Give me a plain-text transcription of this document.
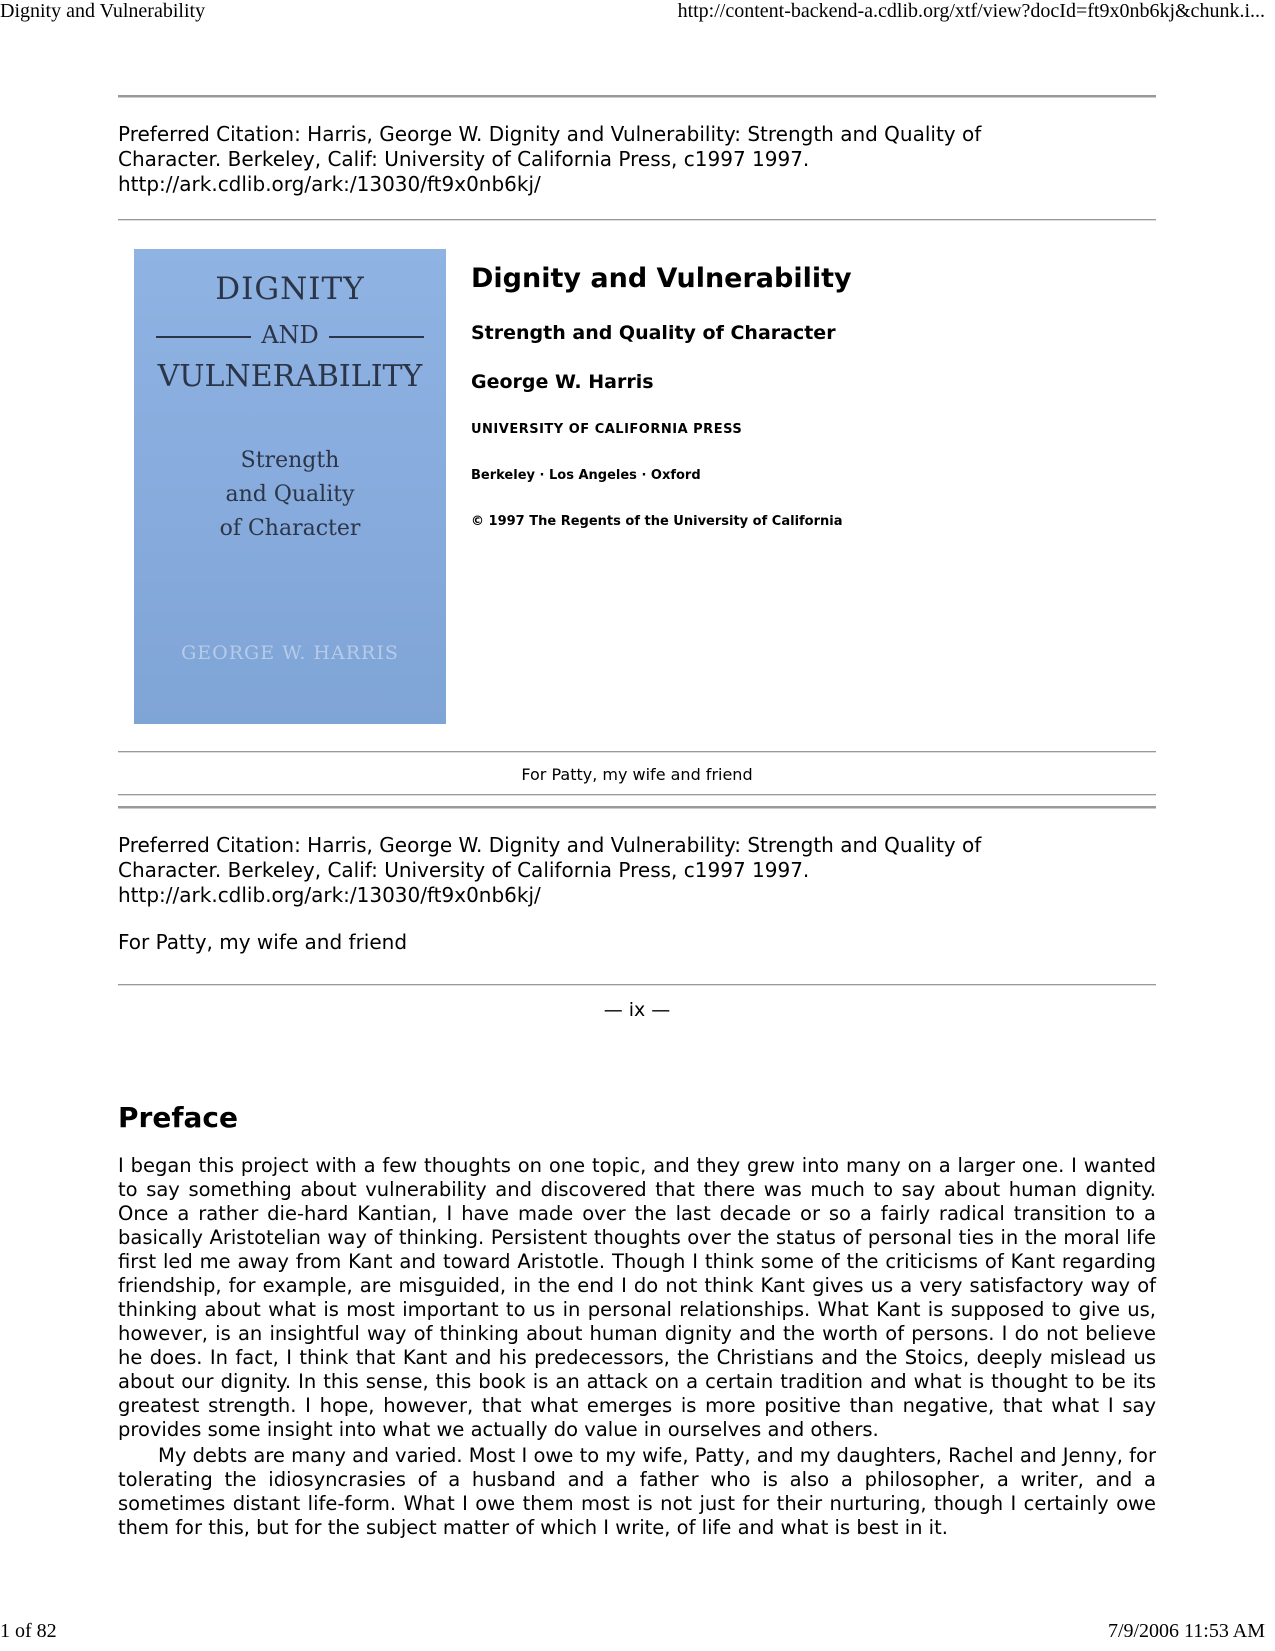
Dignity and Vulnerability	http://content-backend-a.cdlib.org/xtf/view?docId=ft9x0nb6kj&chunk.i...
Preferred Citation: Harris, George W. Dignity and Vulnerability: Strength and Quality of
Character. Berkeley, Calif: University of California Press, c1997 1997.
http://ark.cdlib.org/ark:/13030/ft9x0nb6kj/
DIGNITY
AND
VULNERABILITY
Strength
and Quality
of Character
GEORGE W. HARRIS
Dignity and Vulnerability
Strength and Quality of Character
George W. Harris
UNIVERSITY OF CALIFORNIA PRESS
Berkeley · Los Angeles · Oxford
© 1997 The Regents of the University of California
For Patty, my wife and friend
Preferred Citation: Harris, George W. Dignity and Vulnerability: Strength and Quality of
Character. Berkeley, Calif: University of California Press, c1997 1997.
http://ark.cdlib.org/ark:/13030/ft9x0nb6kj/
For Patty, my wife and friend
— ix —
Preface

I began this project with a few thoughts on one topic, and they grew into many on a larger one. I wanted to say something about vulnerability and discovered that there was much to say about human dignity. Once a rather die-hard Kantian, I have made over the last decade or so a fairly radical transition to a basically Aristotelian way of thinking. Persistent thoughts over the status of personal ties in the moral life first led me away from Kant and toward Aristotle. Though I think some of the criticisms of Kant regarding friendship, for example, are misguided, in the end I do not think Kant gives us a very satisfactory way of thinking about what is most important to us in personal relationships. What Kant is supposed to give us, however, is an insightful way of thinking about human dignity and the worth of persons. I do not believe he does. In fact, I think that Kant and his predecessors, the Christians and the Stoics, deeply mislead us about our dignity. In this sense, this book is an attack on a certain tradition and what is thought to be its greatest strength. I hope, however, that what emerges is more positive than negative, that what I say provides some insight into what we actually do value in ourselves and others.

My debts are many and varied. Most I owe to my wife, Patty, and my daughters, Rachel and Jenny, for tolerating the idiosyncrasies of a husband and a father who is also a philosopher, a writer, and a sometimes distant life-form. What I owe them most is not just for their nurturing, though I certainly owe them for this, but for the subject matter of which I write, of life and what is best in it.

1 of 82	7/9/2006 11:53 AM
